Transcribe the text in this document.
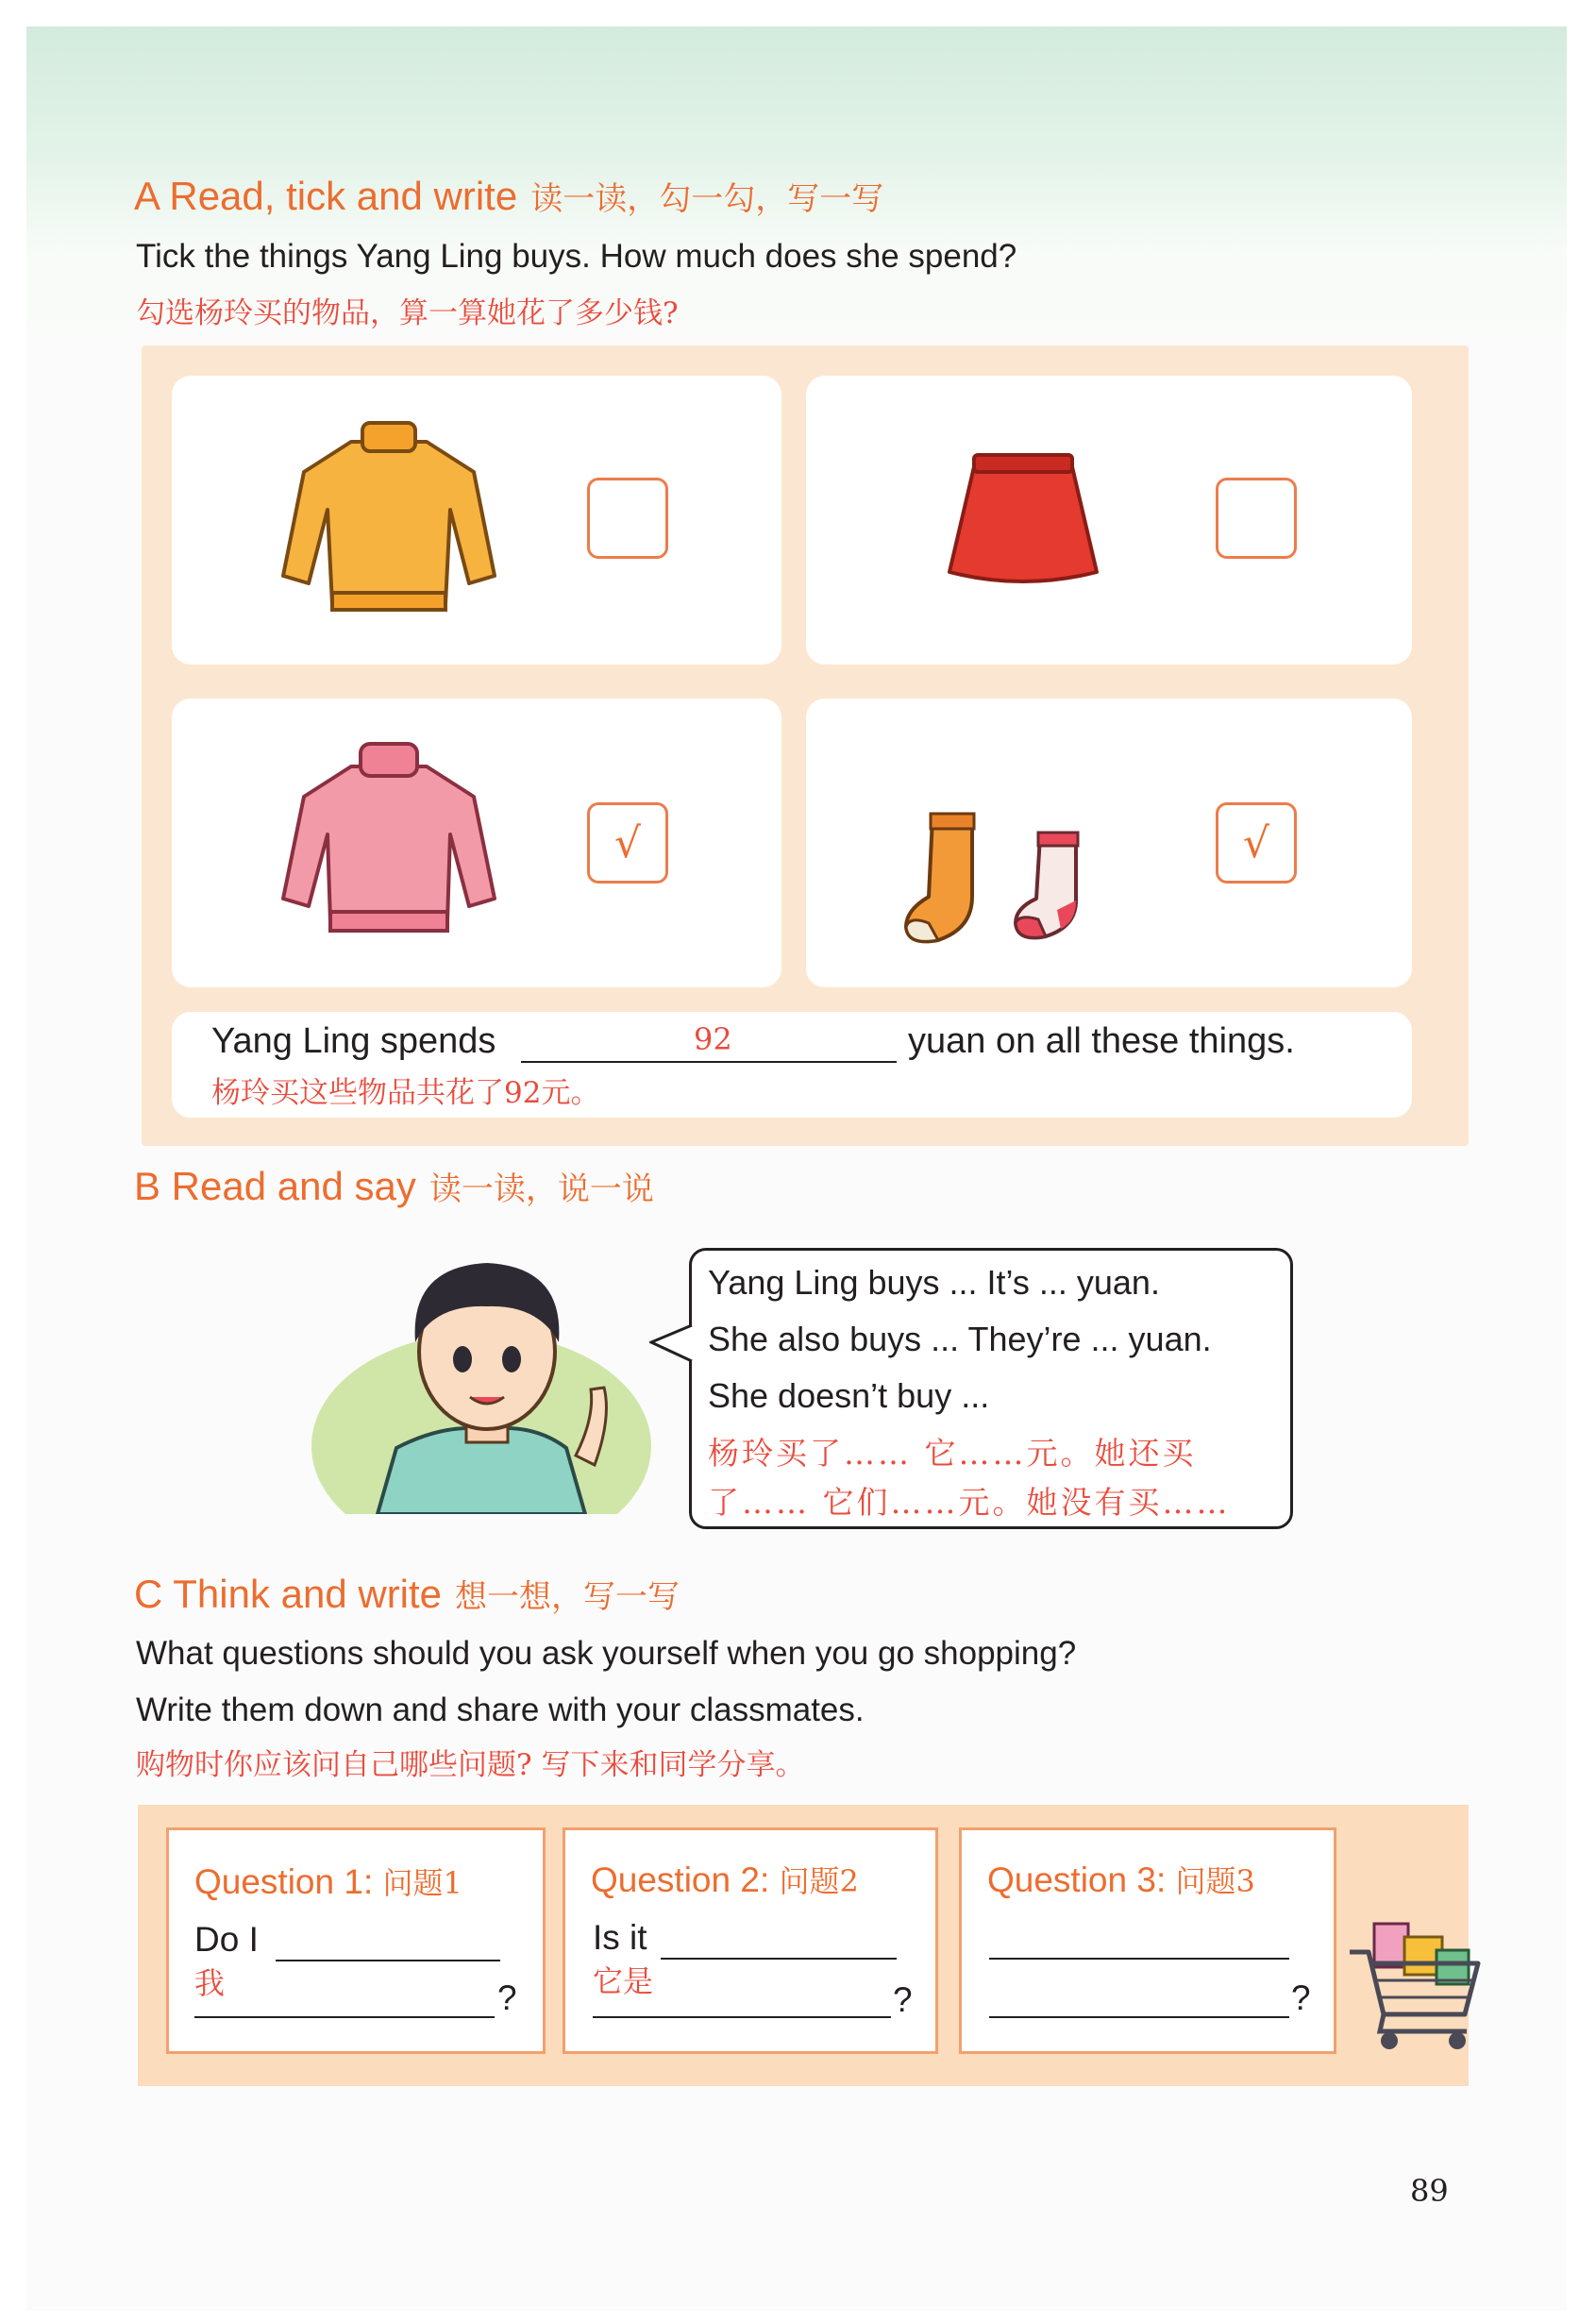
A Read, tick and write 读一读，勾一勾，写一写
Tick the things Yang Ling buys. How much does she spend?
勾选杨玲买的物品，算一算她花了多少钱?
√	√
Yang Ling spends	92	yuan on all these things.
杨玲买这些物品共花了92元。
B Read and say 读一读，说一说
Yang Ling buys ... It’s ... yuan.
She also buys ... They’re ... yuan.
She doesn’t buy ...
杨玲买了…… 它……元。她还买
了…… 它们……元。她没有买……
C Think and write 想一想，写一写
What questions should you ask yourself when you go shopping?
Write them down and share with your classmates.
购物时你应该问自己哪些问题? 写下来和同学分享。
Question 1: 问题1
Do I
我	?
Question 2: 问题2
Is it
它是	?
Question 3: 问题3
?
89
